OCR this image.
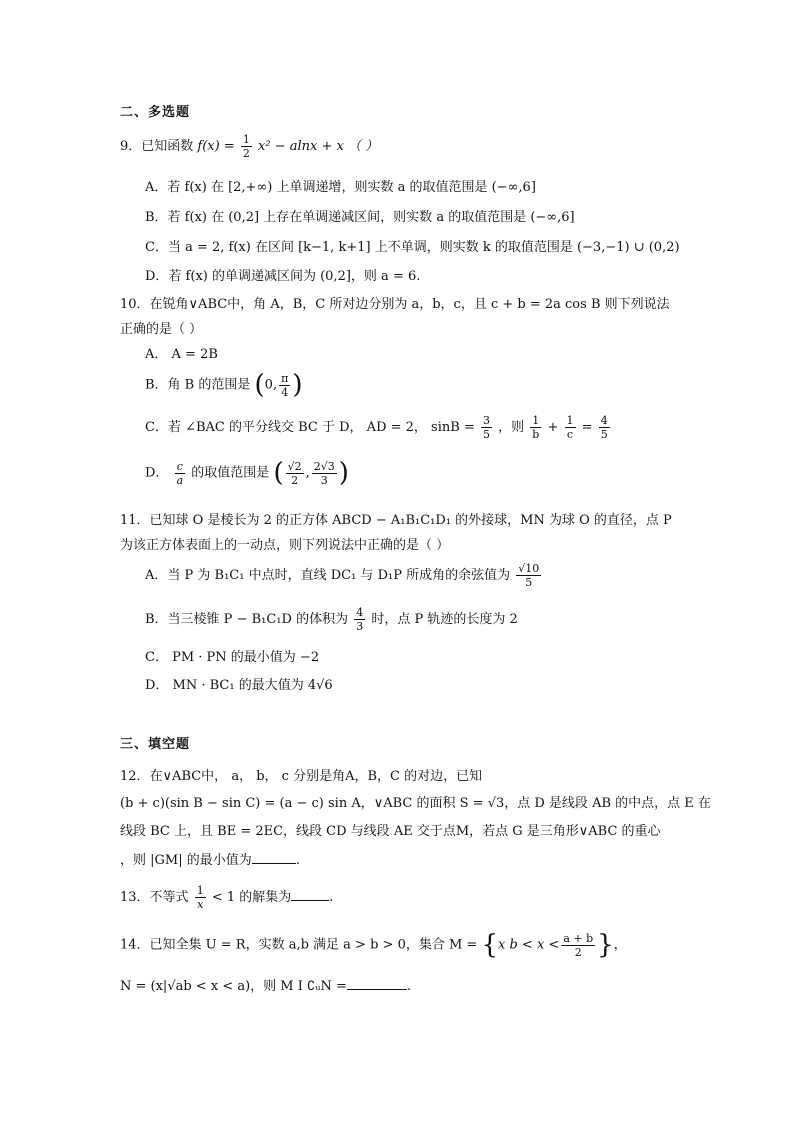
二、多选题
9．已知函数 $f(x) = \frac{1}{2} x^2 - alnx + x$ （ ）
A．若 f(x) 在 [2,+∞) 上单调递增，则实数 a 的取值范围是 (−∞,6]
B．若 f(x) 在 (0,2] 上存在单调递减区间，则实数 a 的取值范围是 (−∞,6]
C．当 a = 2, f(x) 在区间 [k−1, k+1] 上不单调，则实数 k 的取值范围是 (−3,−1) ∪ (0,2)
D．若 f(x) 的单调递减区间为 (0,2]，则 a = 6.
10．在锐角∨ABC中，角 A，B，C 所对边分别为 a，b，c，且 c + b = 2a cos B 则下列说法
正确的是（ ）
A． A = 2B
B．角 B 的范围是 (0, $\frac{\pi}{4}$ )
C．若 ∠BAC 的平分线交 BC 于 D， AD = 2， $\sin B = \frac{3}{5}$ ，则 $\frac{1}{b} + \frac{1}{c} = \frac{4}{5}$
D． $\frac{c}{a}$ 的取值范围是 ( $\frac{√2}{2}$ , $\frac{2√3}{3}$ )
11．已知球 O 是棱长为 2 的正方体 ABCD − A₁B₁C₁D₁ 的外接球，MN 为球 O 的直径，点 P
为该正方体表面上的一动点，则下列说法中正确的是（ ）
A．当 P 为 B₁C₁ 中点时，直线 DC₁ 与 D₁P 所成角的余弦值为 $\frac{√10}{5}$
B．当三棱锥 P − B₁C₁D 的体积为 $\frac{4}{3}$ 时，点 P 轨迹的长度为 2
C． PM · PN 的最小值为 −2
D． MN · BC₁ 的最大值为 4√6
三、填空题
12．在∨ABC中， a， b， c 分别是角A，B，C 的对边，已知
(b + c)(sin B − sin C) = (a − c) sin A，∨ABC 的面积 S = √3，点 D 是线段 AB 的中点，点 E 在
线段 BC 上，且 BE = 2EC，线段 CD 与线段 AE 交于点M，若点 G 是三角形∨ABC 的重心
，则 |GM| 的最小值为	.
13．不等式 $\frac{1}{x} < 1$ 的解集为	.
14．已知全集 U = R，实数 a,b 满足 a > b > 0，集合 M = {x $b < x < \frac{a + b}{2}$ }，
N = (x|√ab < x < a)，则 M I ∁ᵤN =	.
